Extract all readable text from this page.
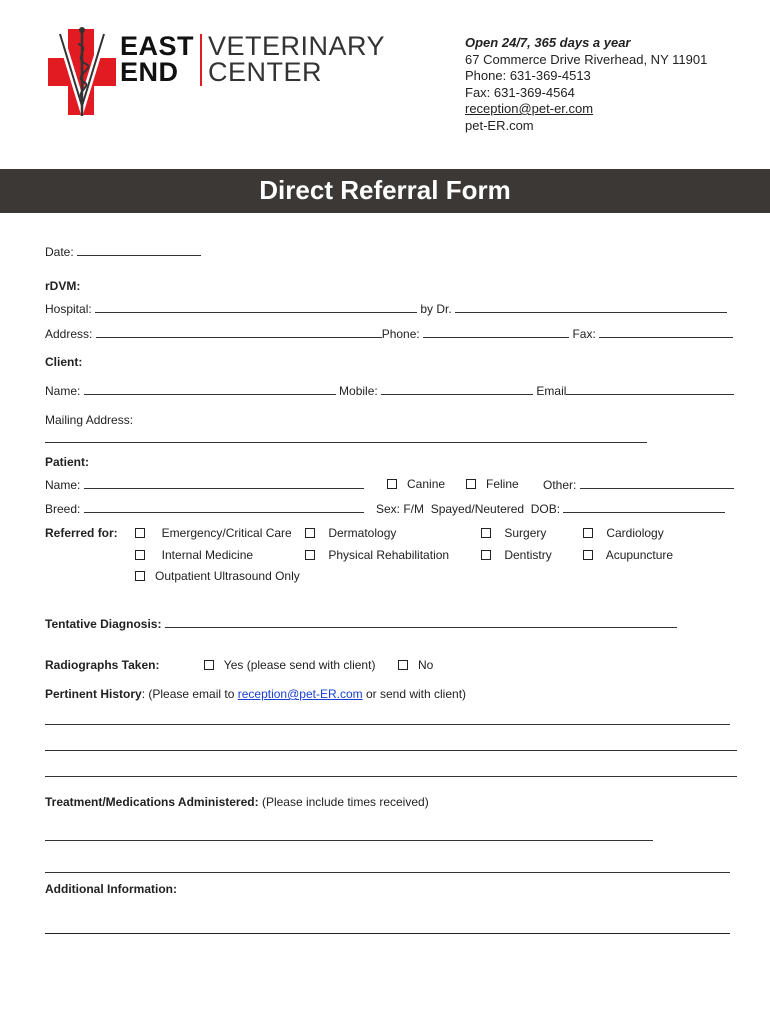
EAST
END
VETERINARY
CENTER
Open 24/7, 365 days a year
67 Commerce Drive Riverhead, NY 11901
Phone: 631-369-4513
Fax: 631-369-4564
reception@pet-er.com
pet-ER.com
Direct Referral Form
Date:
rDVM:
Hospital:	by Dr.
Address:	Phone:	Fax:
Client:
Name:	Mobile:	Email
Mailing Address:
Patient:
Name:	Canine	Feline Other:
Breed:	Sex: F/M Spayed/Neutered DOB:
Referred for:	Emergency/Critical Care	Dermatology	Surgery	Cardiology
Internal Medicine	Physical Rehabilitation	Dentistry	Acupuncture
Outpatient Ultrasound Only
Tentative Diagnosis:
Radiographs Taken:	Yes (please send with client)	No
Pertinent History: (Please email to reception@pet-ER.com or send with client)
Treatment/Medications Administered: (Please include times received)
Additional Information:
